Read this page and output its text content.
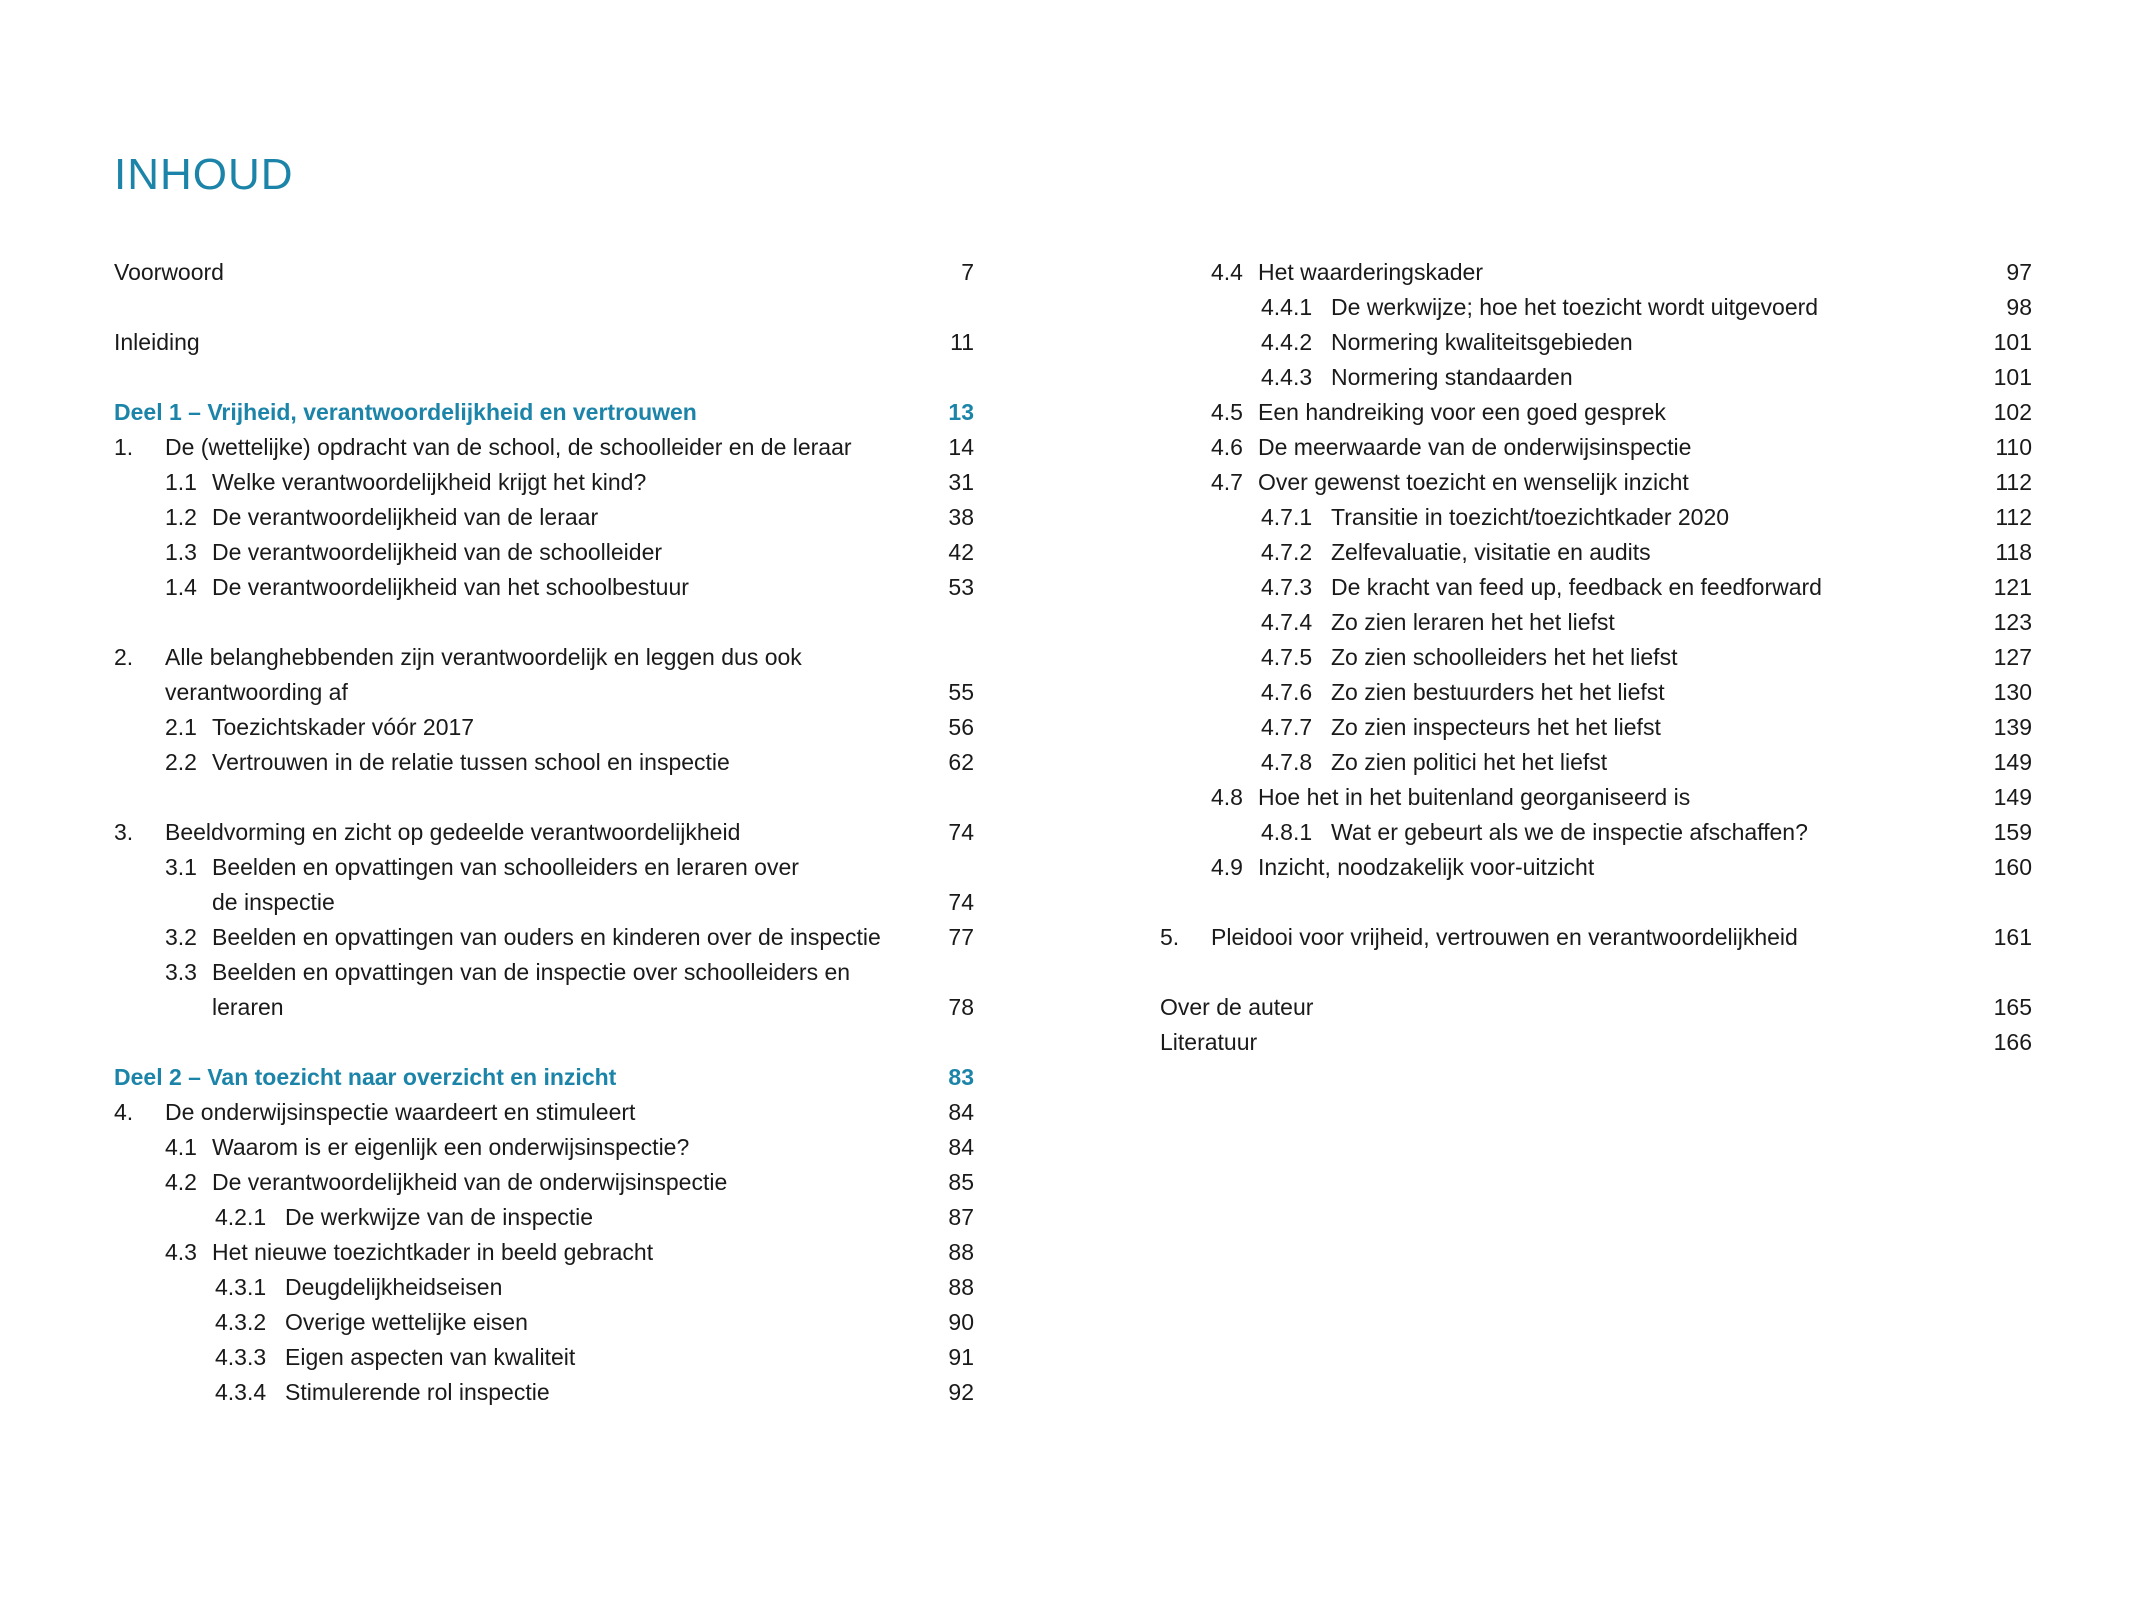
INHOUD
Voorwoord	7
Inleiding	11
Deel 1 – Vrijheid, verantwoordelijkheid en vertrouwen	13
1. De (wettelijke) opdracht van de school, de schoolleider en de leraar	14
1.1 Welke verantwoordelijkheid krijgt het kind?	31
1.2 De verantwoordelijkheid van de leraar	38
1.3 De verantwoordelijkheid van de schoolleider	42
1.4 De verantwoordelijkheid van het schoolbestuur	53
2. Alle belanghebbenden zijn verantwoordelijk en leggen dus ook
verantwoording af	55
2.1 Toezichtskader vóór 2017	56
2.2 Vertrouwen in de relatie tussen school en inspectie	62
3. Beeldvorming en zicht op gedeelde verantwoordelijkheid	74
3.1 Beelden en opvattingen van schoolleiders en leraren over
de inspectie	74
3.2 Beelden en opvattingen van ouders en kinderen over de inspectie	77
3.3 Beelden en opvattingen van de inspectie over schoolleiders en
leraren	78
Deel 2 – Van toezicht naar overzicht en inzicht	83
4. De onderwijsinspectie waardeert en stimuleert	84
4.1 Waarom is er eigenlijk een onderwijsinspectie?	84
4.2 De verantwoordelijkheid van de onderwijsinspectie	85
4.2.1 De werkwijze van de inspectie	87
4.3 Het nieuwe toezichtkader in beeld gebracht	88
4.3.1 Deugdelijkheidseisen	88
4.3.2 Overige wettelijke eisen	90
4.3.3 Eigen aspecten van kwaliteit	91
4.3.4 Stimulerende rol inspectie	92
4.4 Het waarderingskader	97
4.4.1 De werkwijze; hoe het toezicht wordt uitgevoerd	98
4.4.2 Normering kwaliteitsgebieden	101
4.4.3 Normering standaarden	101
4.5 Een handreiking voor een goed gesprek	102
4.6 De meerwaarde van de onderwijsinspectie	110
4.7 Over gewenst toezicht en wenselijk inzicht	112
4.7.1 Transitie in toezicht/toezichtkader 2020	112
4.7.2 Zelfevaluatie, visitatie en audits	118
4.7.3 De kracht van feed up, feedback en feedforward	121
4.7.4 Zo zien leraren het het liefst	123
4.7.5 Zo zien schoolleiders het het liefst	127
4.7.6 Zo zien bestuurders het het liefst	130
4.7.7 Zo zien inspecteurs het het liefst	139
4.7.8 Zo zien politici het het liefst	149
4.8 Hoe het in het buitenland georganiseerd is	149
4.8.1 Wat er gebeurt als we de inspectie afschaffen?	159
4.9 Inzicht, noodzakelijk voor-uitzicht	160
5. Pleidooi voor vrijheid, vertrouwen en verantwoordelijkheid	161
Over de auteur	165
Literatuur	166
